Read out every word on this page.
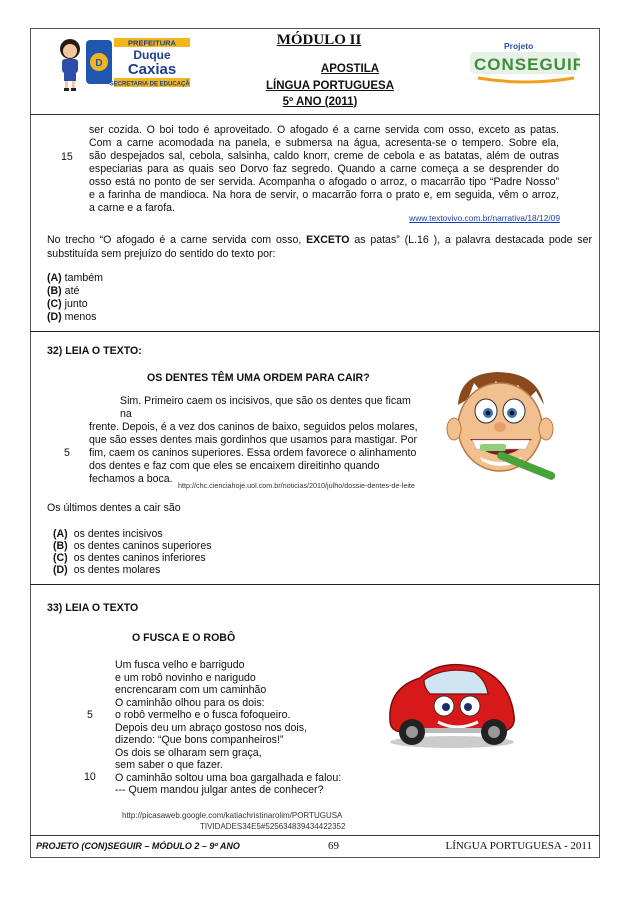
MÓDULO II
APOSTILA
LÍNGUA PORTUGUESA
5º ANO (2011)
D
PREFEITURA
Duque
Caxias
SECRETARIA DE EDUCAÇÃO
Projeto
CONSEGUIR
ser cozida. O boi todo é aproveitado. O afogado é a carne servida com osso, exceto as patas.
Com a carne acomodada na panela, e submersa na água, acresenta-se o tempero. Sobre ela,
são despejados sal, cebola, salsinha, caldo knorr, creme de cebola e as batatas, além de outras
especiarias para as quais seo Dorvo faz segredo. Quando a carne começa a se desprender do
osso está no ponto de ser servida. Acompanha o afogado o arroz, o macarrão tipo “Padre Nosso”
e a farinha de mandioca. Na hora de servir, o macarrão forra o prato e, em seguida, vêm o arroz,
a carne e a farofa.
15
www.textovivo.com.br/narrativa/18/12/09
No trecho “O afogado é a carne servida com osso, EXCETO as patas” (L.16 ), a palavra destacada pode ser
substituída sem prejuízo do sentido do texto por:
(A) também
(B) até
(C) junto
(D) menos
32) LEIA O TEXTO:
OS DENTES TÊM UMA ORDEM PARA CAIR?
Sim. Primeiro caem os incisivos, que são os dentes que ficam na
frente. Depois, é a vez dos caninos de baixo, seguidos pelos molares,
que são esses dentes mais gordinhos que usamos para mastigar. Por
fim, caem os caninos superiores. Essa ordem favorece o alinhamento
dos dentes e faz com que eles se encaixem direitinho quando
fechamos a boca.
5
http://chc.cienciahoje.uol.com.br/noticias/2010/julho/dossie-dentes-de-leite
Os últimos dentes a cair são
(A) os dentes incisivos
(B) os dentes caninos superiores
(C) os dentes caninos inferiores
(D) os dentes molares
33) LEIA O TEXTO
O FUSCA E O ROBÔ
Um fusca velho e barrigudo
e um robô novinho e narigudo
encrencaram com um caminhão
O caminhão olhou para os dois:
o robô vermelho e o fusca fofoqueiro.
Depois deu um abraço gostoso nos dois,
dizendo: “Que bons companheiros!”
Os dois se olharam sem graça,
sem saber o que fazer.
O caminhão soltou uma boa gargalhada e falou:
--- Quem mandou julgar antes de conhecer?
5
10
http://picasaweb.google.com/katiachristinarolim/PORTUGUSA
TIVIDADES34E5#525634839434422352
PROJETO (CON)SEGUIR – MÓDULO 2 – 9º ANO	69	LÍNGUA PORTUGUESA - 2011
